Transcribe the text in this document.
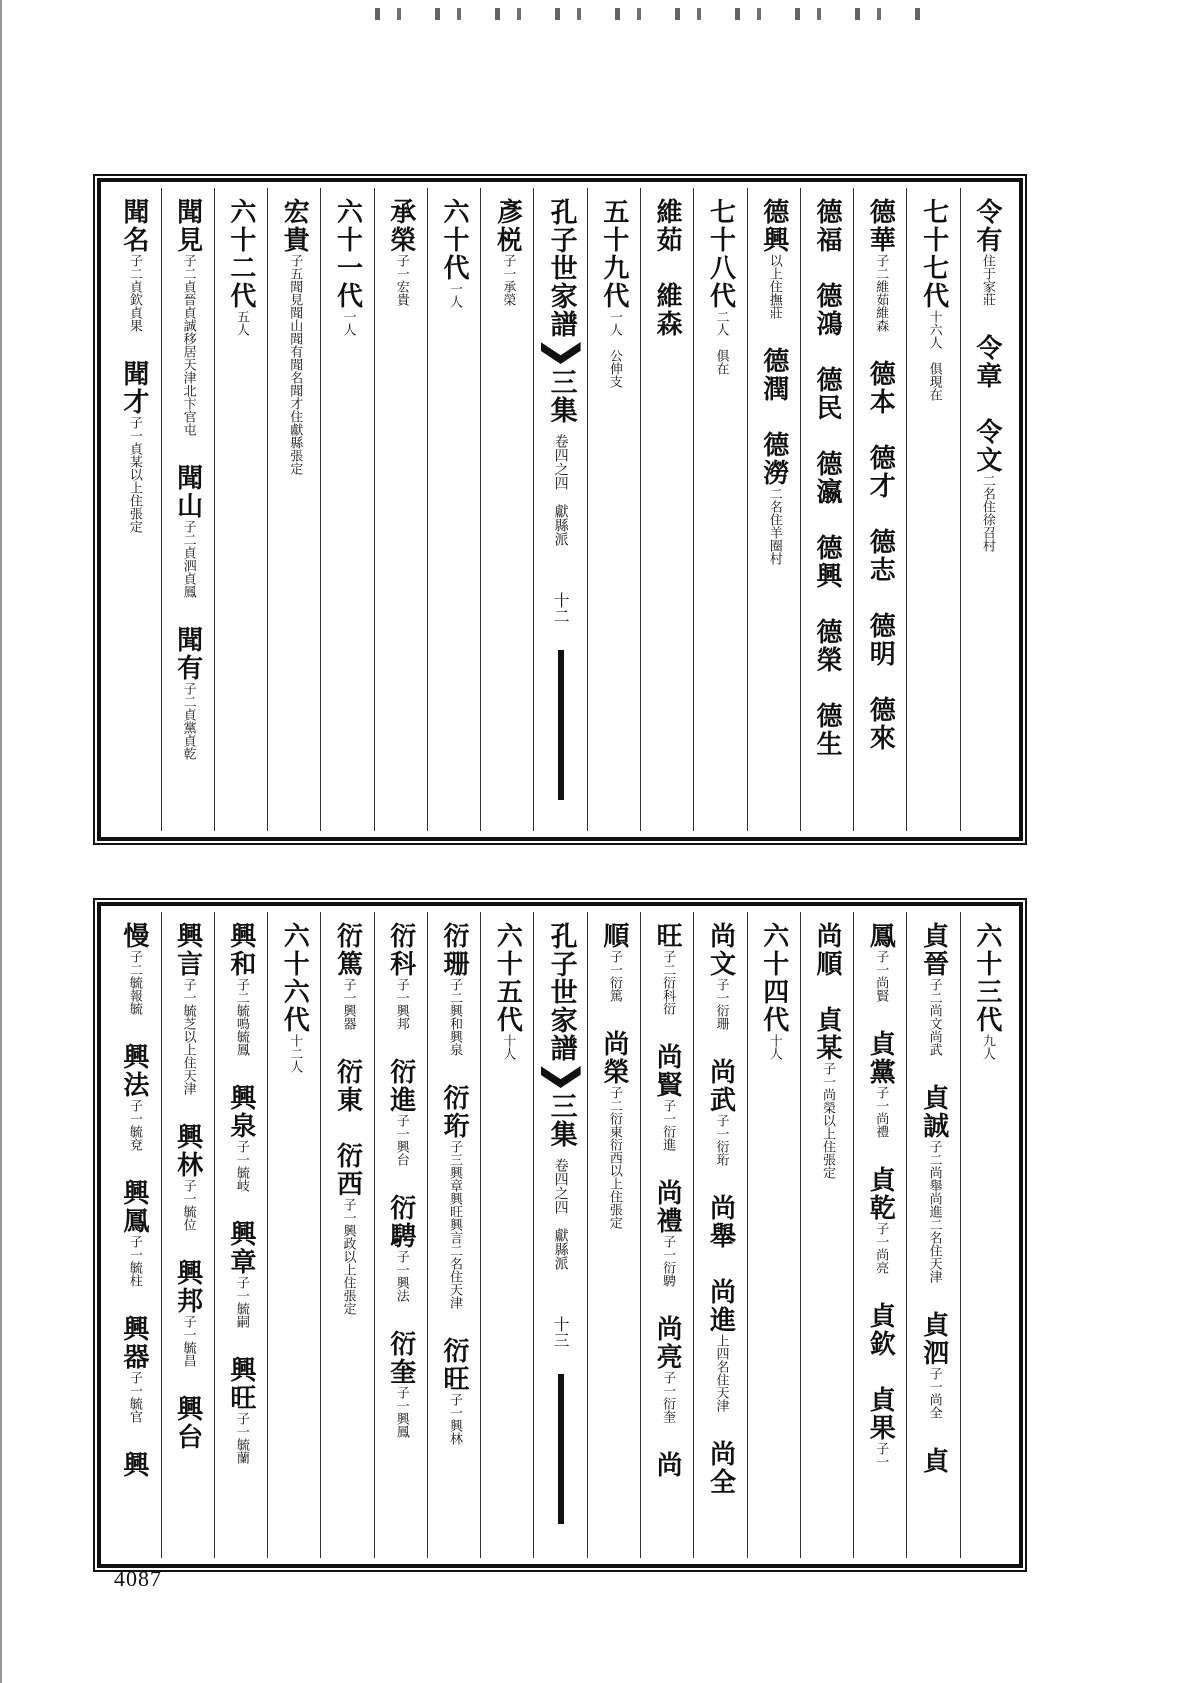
令有住于家莊　令章　令文二名住徐召村
七十七代十六人　俱現在
德華子二維茹維森　德本　德才　德志　德明　德來
德福　德鴻　德民　德瀛　德興　德榮　德生
德興以上住撫莊　德潤　德澇二名住羊圈村
七十八代二人　俱在
維茹　維森
五十九代一人　公伸支
孔子世家譜
三集
卷四之四　獻縣派
十二
彥棁子一承榮
六十代一人
承榮子一宏貴
六十一代一人
宏貴子五聞見聞山聞有聞名聞才住獻縣張定
六十二代五人
聞見子二貞晉貞誠移居天津北卞官屯　聞山子二貞泗貞鳳　聞有子二貞黨貞乾
聞名子二貞欽貞果　聞才子一貞某以上住張定
六十三代九人
貞晉子二尚文尚武　貞誠子二尚舉尚進二名住天津　貞泗子一尚全　貞
鳳子一尚賢　貞黨子一尚禮　貞乾子一尚亮　貞欽　貞果子一
尚順　貞某子一尚榮以上住張定
六十四代十人
尚文子一衍珊　尚武子一衍珩　尚舉　尚進上四名住天津　尚全
旺子二衍科衍　尚賢子一衍進　尚禮子一衍騁　尚亮子一衍奎　尚
順子一衍篤　尚榮子二衍東衍西以上住張定
孔子世家譜
三集
卷四之四　獻縣派
十三
六十五代十人
衍珊子二興和興泉　衍珩子三興章興旺興言二名住天津　衍旺子一興林
衍科子一興邦　衍進子一興台　衍騁子一興法　衍奎子一興鳳
衍篤子一興器　衍東　衍西子一興政以上住張定
六十六代十二人
興和子二毓鳴毓鳳　興泉子一毓岐　興章子一毓嗣　興旺子一毓蘭
興言子一毓芝以上住天津　興林子一毓位　興邦子一毓昌　興台
慢子二毓報毓　興法子一毓兗　興鳳子一毓柱　興器子一毓官　興
4087
